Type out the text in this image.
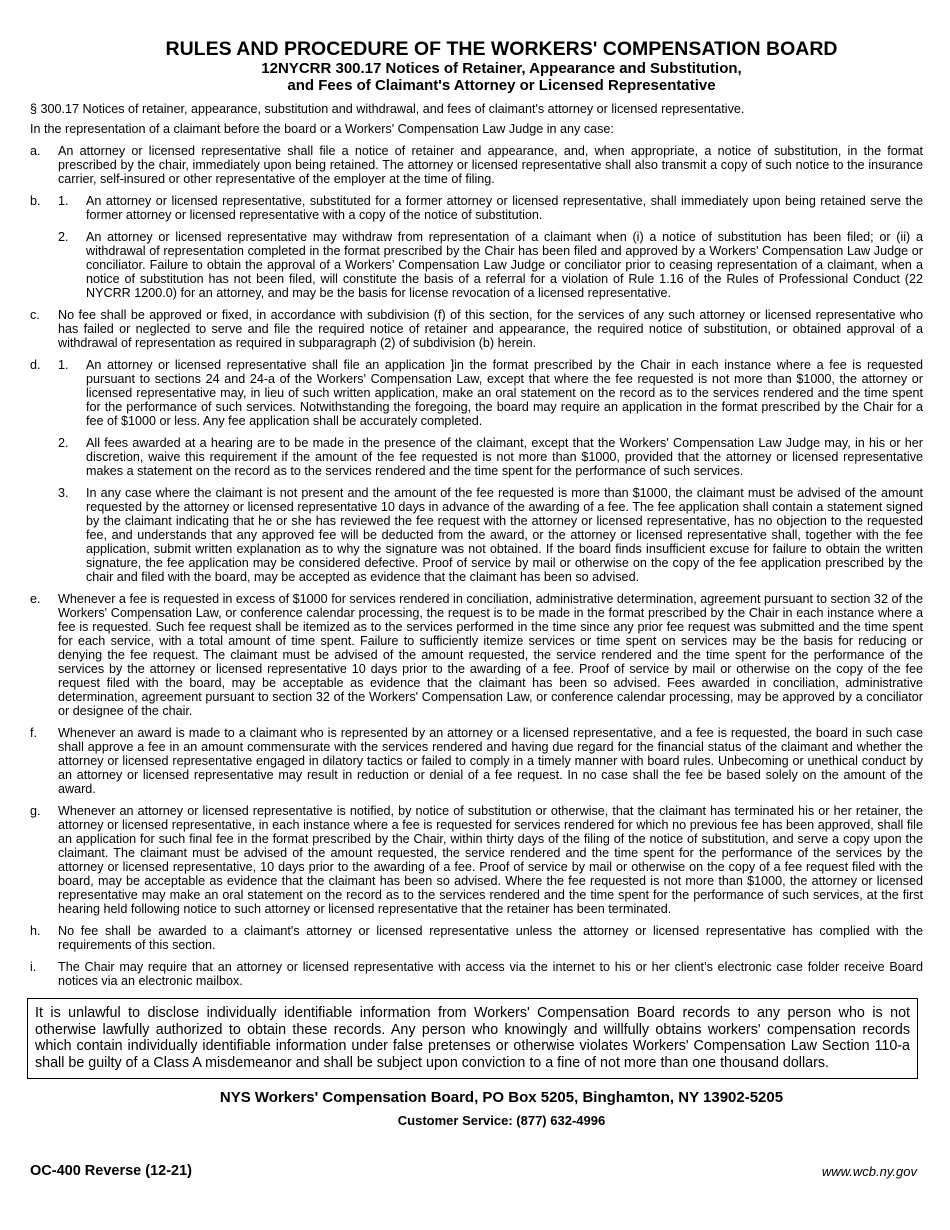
RULES AND PROCEDURE OF THE WORKERS' COMPENSATION BOARD
12NYCRR 300.17 Notices of Retainer, Appearance and Substitution,
and Fees of Claimant's Attorney or Licensed Representative
§ 300.17 Notices of retainer, appearance, substitution and withdrawal, and fees of claimant's attorney or licensed representative.
In the representation of a claimant before the board or a Workers' Compensation Law Judge in any case:
a.	An attorney or licensed representative shall file a notice of retainer and appearance, and, when appropriate, a notice of substitution, in the format prescribed by the chair, immediately upon being retained. The attorney or licensed representative shall also transmit a copy of such notice to the insurance carrier, self-insured or other representative of the employer at the time of filing.
b.	1.	An attorney or licensed representative, substituted for a former attorney or licensed representative, shall immediately upon being retained serve the former attorney or licensed representative with a copy of the notice of substitution.
2.	An attorney or licensed representative may withdraw from representation of a claimant when (i) a notice of substitution has been filed; or (ii) a withdrawal of representation completed in the format prescribed by the Chair has been filed and approved by a Workers’ Compensation Law Judge or conciliator. Failure to obtain the approval of a Workers’ Compensation Law Judge or conciliator prior to ceasing representation of a claimant, when a notice of substitution has not been filed, will constitute the basis of a referral for a violation of Rule 1.16 of the Rules of Professional Conduct (22 NYCRR 1200.0) for an attorney, and may be the basis for license revocation of a licensed representative.
c.	No fee shall be approved or fixed, in accordance with subdivision (f) of this section, for the services of any such attorney or licensed representative who has failed or neglected to serve and file the required notice of retainer and appearance, the required notice of substitution, or obtained approval of a withdrawal of representation as required in subparagraph (2) of subdivision (b) herein.
d.	1.	An attorney or licensed representative shall file an application ]in the format prescribed by the Chair in each instance where a fee is requested pursuant to sections 24 and 24-a of the Workers' Compensation Law, except that where the fee requested is not more than $1000, the attorney or licensed representative may, in lieu of such written application, make an oral statement on the record as to the services rendered and the time spent for the performance of such services. Notwithstanding the foregoing, the board may require an application in the format prescribed by the Chair for a fee of $1000 or less. Any fee application shall be accurately completed.
2.	All fees awarded at a hearing are to be made in the presence of the claimant, except that the Workers' Compensation Law Judge may, in his or her discretion, waive this requirement if the amount of the fee requested is not more than $1000, provided that the attorney or licensed representative makes a statement on the record as to the services rendered and the time spent for the performance of such services.
3.	In any case where the claimant is not present and the amount of the fee requested is more than $1000, the claimant must be advised of the amount requested by the attorney or licensed representative 10 days in advance of the awarding of a fee. The fee application shall contain a statement signed by the claimant indicating that he or she has reviewed the fee request with the attorney or licensed representative, has no objection to the requested fee, and understands that any approved fee will be deducted from the award, or the attorney or licensed representative shall, together with the fee application, submit written explanation as to why the signature was not obtained. If the board finds insufficient excuse for failure to obtain the written signature, the fee application may be considered defective. Proof of service by mail or otherwise on the copy of the fee application prescribed by the chair and filed with the board, may be accepted as evidence that the claimant has been so advised.
e.	Whenever a fee is requested in excess of $1000 for services rendered in conciliation, administrative determination, agreement pursuant to section 32 of the Workers' Compensation Law, or conference calendar processing, the request is to be made in the format prescribed by the Chair in each instance where a fee is requested. Such fee request shall be itemized as to the services performed in the time since any prior fee request was submitted and the time spent for each service, with a total amount of time spent. Failure to sufficiently itemize services or time spent on services may be the basis for reducing or denying the fee request. The claimant must be advised of the amount requested, the service rendered and the time spent for the performance of the services by the attorney or licensed representative 10 days prior to the awarding of a fee. Proof of service by mail or otherwise on the copy of the fee request filed with the board, may be acceptable as evidence that the claimant has been so advised. Fees awarded in conciliation, administrative determination, agreement pursuant to section 32 of the Workers' Compensation Law, or conference calendar processing, may be approved by a conciliator or designee of the chair.
f.	Whenever an award is made to a claimant who is represented by an attorney or a licensed representative, and a fee is requested, the board in such case shall approve a fee in an amount commensurate with the services rendered and having due regard for the financial status of the claimant and whether the attorney or licensed representative engaged in dilatory tactics or failed to comply in a timely manner with board rules. Unbecoming or unethical conduct by an attorney or licensed representative may result in reduction or denial of a fee request. In no case shall the fee be based solely on the amount of the award.
g.	Whenever an attorney or licensed representative is notified, by notice of substitution or otherwise, that the claimant has terminated his or her retainer, the attorney or licensed representative, in each instance where a fee is requested for services rendered for which no previous fee has been approved, shall file an application for such final fee in the format prescribed by the Chair, within thirty days of the filing of the notice of substitution, and serve a copy upon the claimant. The claimant must be advised of the amount requested, the service rendered and the time spent for the performance of the services by the attorney or licensed representative, 10 days prior to the awarding of a fee. Proof of service by mail or otherwise on the copy of a fee request filed with the board, may be acceptable as evidence that the claimant has been so advised. Where the fee requested is not more than $1000, the attorney or licensed representative may make an oral statement on the record as to the services rendered and the time spent for the performance of such services, at the first hearing held following notice to such attorney or licensed representative that the retainer has been terminated.
h.	No fee shall be awarded to a claimant's attorney or licensed representative unless the attorney or licensed representative has complied with the requirements of this section.
i.	The Chair may require that an attorney or licensed representative with access via the internet to his or her client’s electronic case folder receive Board notices via an electronic mailbox.
It is unlawful to disclose individually identifiable information from Workers' Compensation Board records to any person who is not otherwise lawfully authorized to obtain these records. Any person who knowingly and willfully obtains workers' compensation records which contain individually identifiable information under false pretenses or otherwise violates Workers' Compensation Law Section 110-a shall be guilty of a Class A misdemeanor and shall be subject upon conviction to a fine of not more than one thousand dollars.
NYS Workers' Compensation Board, PO Box 5205, Binghamton, NY 13902-5205
Customer Service: (877) 632-4996
OC-400 Reverse (12-21)	www.wcb.ny.gov
